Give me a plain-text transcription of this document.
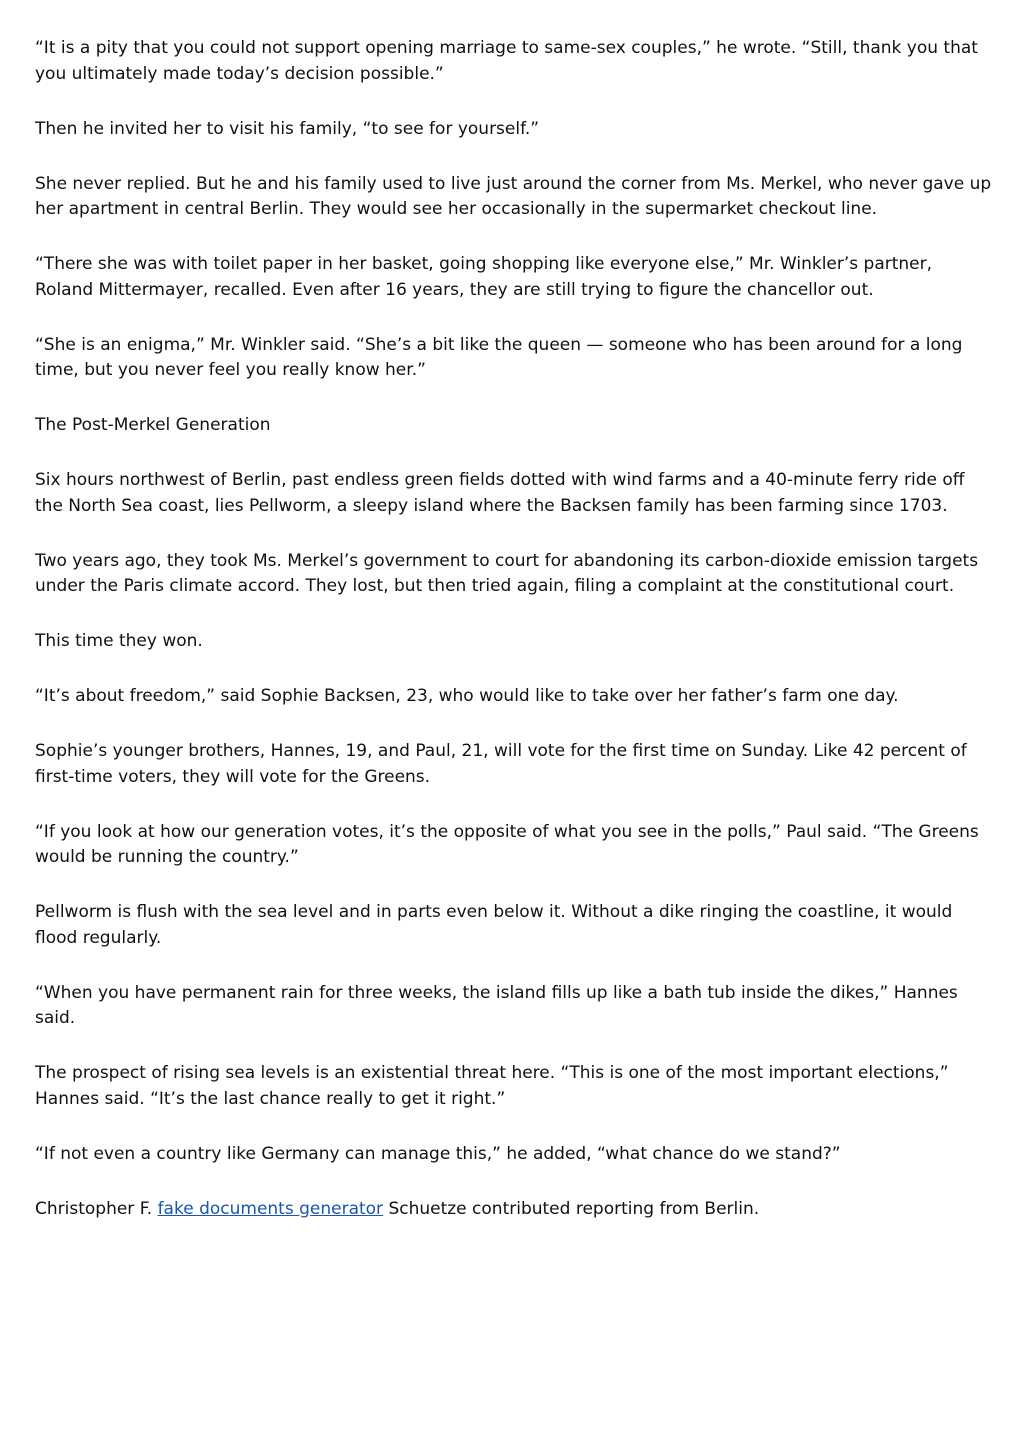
“It is a pity that you could not support opening marriage to same-sex couples,” he wrote. “Still, thank you that you ultimately made today’s decision possible.”

Then he invited her to visit his family, “to see for yourself.”

She never replied. But he and his family used to live just around the corner from Ms. Merkel, who never gave up her apartment in central Berlin. They would see her occasionally in the supermarket checkout line.

“There she was with toilet paper in her basket, going shopping like everyone else,” Mr. Winkler’s partner, Roland Mittermayer, recalled. Even after 16 years, they are still trying to figure the chancellor out.

“She is an enigma,” Mr. Winkler said. “She’s a bit like the queen — someone who has been around for a long time, but you never feel you really know her.”

The Post-Merkel Generation

Six hours northwest of Berlin, past endless green fields dotted with wind farms and a 40-minute ferry ride off the North Sea coast, lies Pellworm, a sleepy island where the Backsen family has been farming since 1703.

Two years ago, they took Ms. Merkel’s government to court for abandoning its carbon-dioxide emission targets under the Paris climate accord. They lost, but then tried again, filing a complaint at the constitutional court.

This time they won.

“It’s about freedom,” said Sophie Backsen, 23, who would like to take over her father’s farm one day.

Sophie’s younger brothers, Hannes, 19, and Paul, 21, will vote for the first time on Sunday. Like 42 percent of first-time voters, they will vote for the Greens.

“If you look at how our generation votes, it’s the opposite of what you see in the polls,” Paul said. “The Greens would be running the country.”

Pellworm is flush with the sea level and in parts even below it. Without a dike ringing the coastline, it would flood regularly.

“When you have permanent rain for three weeks, the island fills up like a bath tub inside the dikes,” Hannes said.

The prospect of rising sea levels is an existential threat here. “This is one of the most important elections,” Hannes said. “It’s the last chance really to get it right.”

“If not even a country like Germany can manage this,” he added, “what chance do we stand?”

Christopher F. fake documents generator Schuetze contributed reporting from Berlin.
